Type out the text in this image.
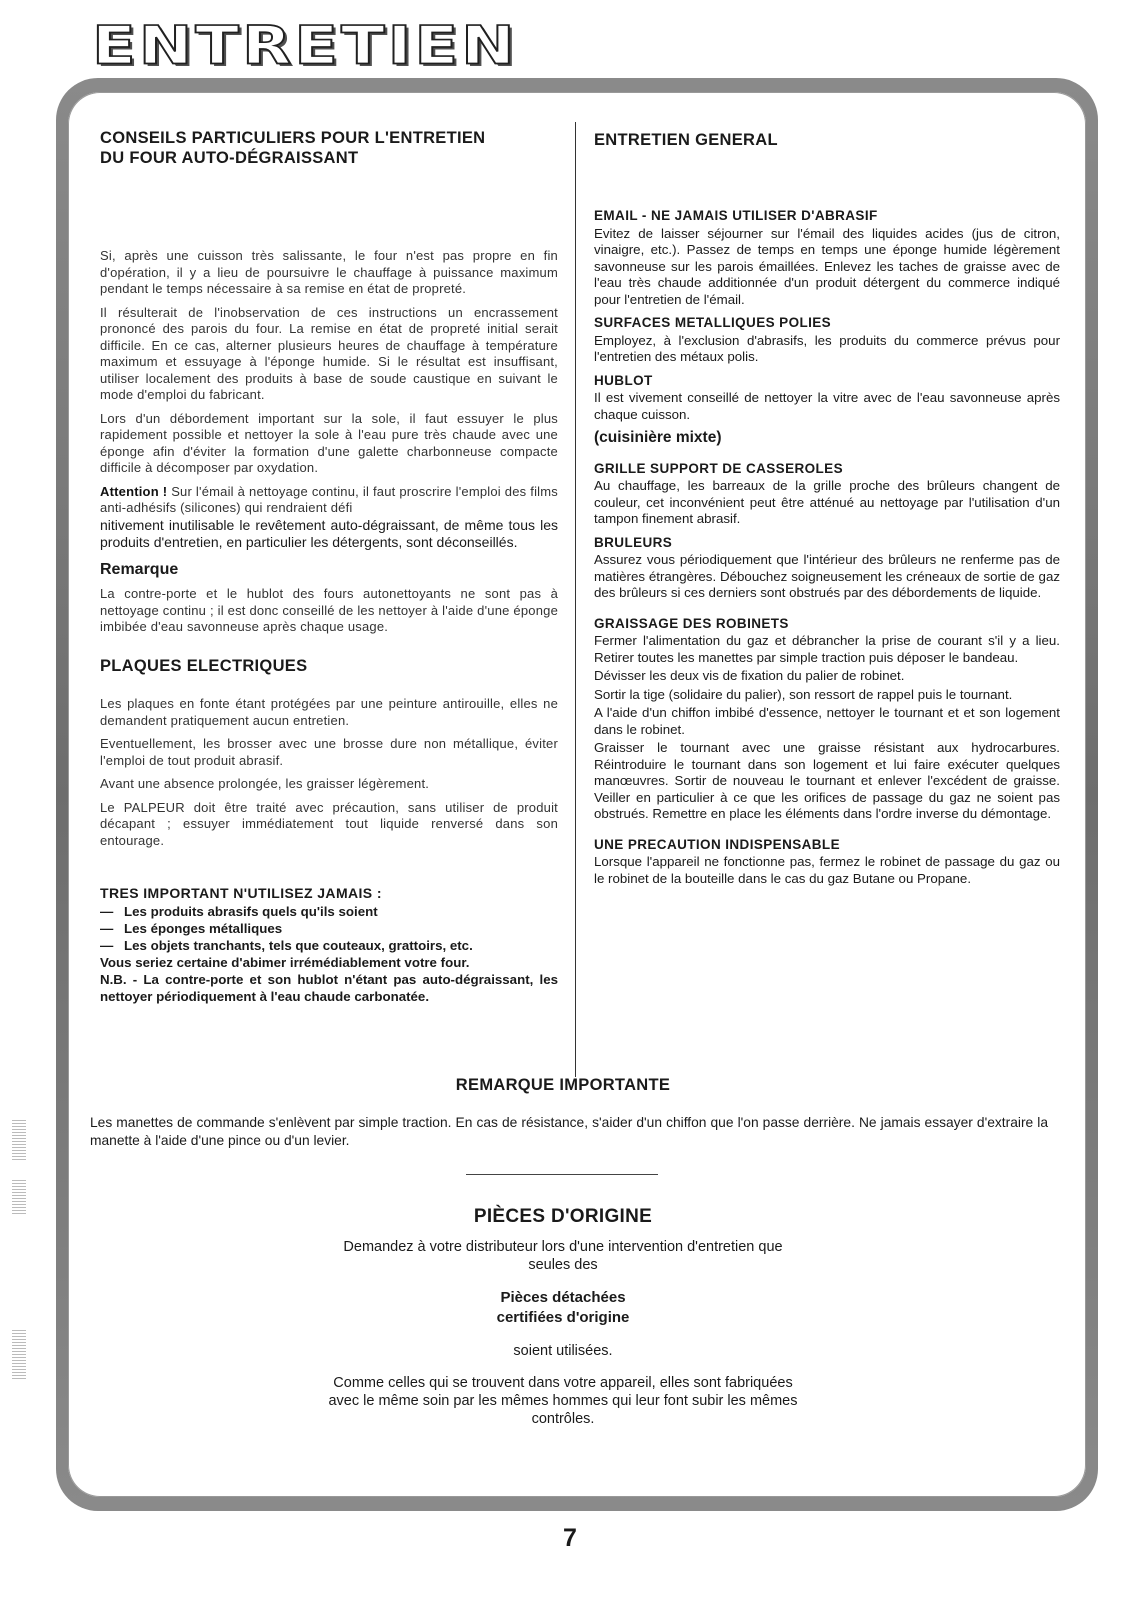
ENTRETIEN
CONSEILS PARTICULIERS POUR L'ENTRETIEN
DU FOUR AUTO-DÉGRAISSANT

Si, après une cuisson très salissante, le four n'est pas propre en fin d'opération, il y a lieu de poursuivre le chauffage à puissance maximum pendant le temps nécessaire à sa remise en état de propreté.

Il résulterait de l'inobservation de ces instructions un encrassement prononcé des parois du four. La remise en état de propreté initial serait difficile. En ce cas, alterner plusieurs heures de chauffage à température maximum et essuyage à l'éponge humide. Si le résultat est insuffisant, utiliser localement des produits à base de soude caustique en suivant le mode d'emploi du fabricant.

Lors d'un débordement important sur la sole, il faut essuyer le plus rapidement possible et nettoyer la sole à l'eau pure très chaude avec une éponge afin d'éviter la formation d'une galette charbonneuse compacte difficile à décomposer par oxydation.

Attention ! Sur l'émail à nettoyage continu, il faut proscrire l'emploi des films anti-adhésifs (silicones) qui rendraient défi

nitivement inutilisable le revêtement auto-dégraissant, de même tous les produits d'entretien, en particulier les détergents, sont déconseillés.

Remarque

La contre-porte et le hublot des fours autonettoyants ne sont pas à nettoyage continu ; il est donc conseillé de les nettoyer à l'aide d'une éponge imbibée d'eau savonneuse après chaque usage.

PLAQUES ELECTRIQUES

Les plaques en fonte étant protégées par une peinture antirouille, elles ne demandent pratiquement aucun entretien.

Eventuellement, les brosser avec une brosse dure non métallique, éviter l'emploi de tout produit abrasif.

Avant une absence prolongée, les graisser légèrement.

Le PALPEUR doit être traité avec précaution, sans utiliser de produit décapant ; essuyer immédiatement tout liquide renversé dans son entourage.

TRES IMPORTANT N'UTILISEZ JAMAIS :
— Les produits abrasifs quels qu'ils soient
— Les éponges métalliques
— Les objets tranchants, tels que couteaux, grattoirs, etc.

Vous seriez certaine d'abimer irrémédiablement votre four.

N.B. - La contre-porte et son hublot n'étant pas auto-dégraissant, les nettoyer périodiquement à l'eau chaude carbonatée.

ENTRETIEN GENERAL
EMAIL - NE JAMAIS UTILISER D'ABRASIF

Evitez de laisser séjourner sur l'émail des liquides acides (jus de citron, vinaigre, etc.). Passez de temps en temps une éponge humide légèrement savonneuse sur les parois émaillées. Enlevez les taches de graisse avec de l'eau très chaude additionnée d'un produit détergent du commerce indiqué pour l'entretien de l'émail.

SURFACES METALLIQUES POLIES

Employez, à l'exclusion d'abrasifs, les produits du commerce prévus pour l'entretien des métaux polis.

HUBLOT

Il est vivement conseillé de nettoyer la vitre avec de l'eau savonneuse après chaque cuisson.

(cuisinière mixte)
GRILLE SUPPORT DE CASSEROLES

Au chauffage, les barreaux de la grille proche des brûleurs changent de couleur, cet inconvénient peut être atténué au nettoyage par l'utilisation d'un tampon finement abrasif.

BRULEURS

Assurez vous périodiquement que l'intérieur des brûleurs ne renferme pas de matières étrangères. Débouchez soigneusement les créneaux de sortie de gaz des brûleurs si ces derniers sont obstrués par des débordements de liquide.

GRAISSAGE DES ROBINETS

Fermer l'alimentation du gaz et débrancher la prise de courant s'il y a lieu. Retirer toutes les manettes par simple traction puis déposer le bandeau.

Dévisser les deux vis de fixation du palier de robinet.

Sortir la tige (solidaire du palier), son ressort de rappel puis le tournant.

A l'aide d'un chiffon imbibé d'essence, nettoyer le tournant et et son logement dans le robinet.

Graisser le tournant avec une graisse résistant aux hydrocarbures. Réintroduire le tournant dans son logement et lui faire exécuter quelques manœuvres. Sortir de nouveau le tournant et enlever l'excédent de graisse. Veiller en particulier à ce que les orifices de passage du gaz ne soient pas obstrués. Remettre en place les éléments dans l'ordre inverse du démontage.

UNE PRECAUTION INDISPENSABLE

Lorsque l'appareil ne fonctionne pas, fermez le robinet de passage du gaz ou le robinet de la bouteille dans le cas du gaz Butane ou Propane.

REMARQUE IMPORTANTE
Les manettes de commande s'enlèvent par simple traction. En cas de résistance, s'aider d'un chiffon que l'on passe derrière. Ne jamais essayer d'extraire la manette à l'aide d'une pince ou d'un levier.
PIÈCES D'ORIGINE

Demandez à votre distributeur lors d'une intervention d'entretien que seules des

Pièces détachées
certifiées d'origine

soient utilisées.

Comme celles qui se trouvent dans votre appareil, elles sont fabriquées avec le même soin par les mêmes hommes qui leur font subir les mêmes contrôles.

7
